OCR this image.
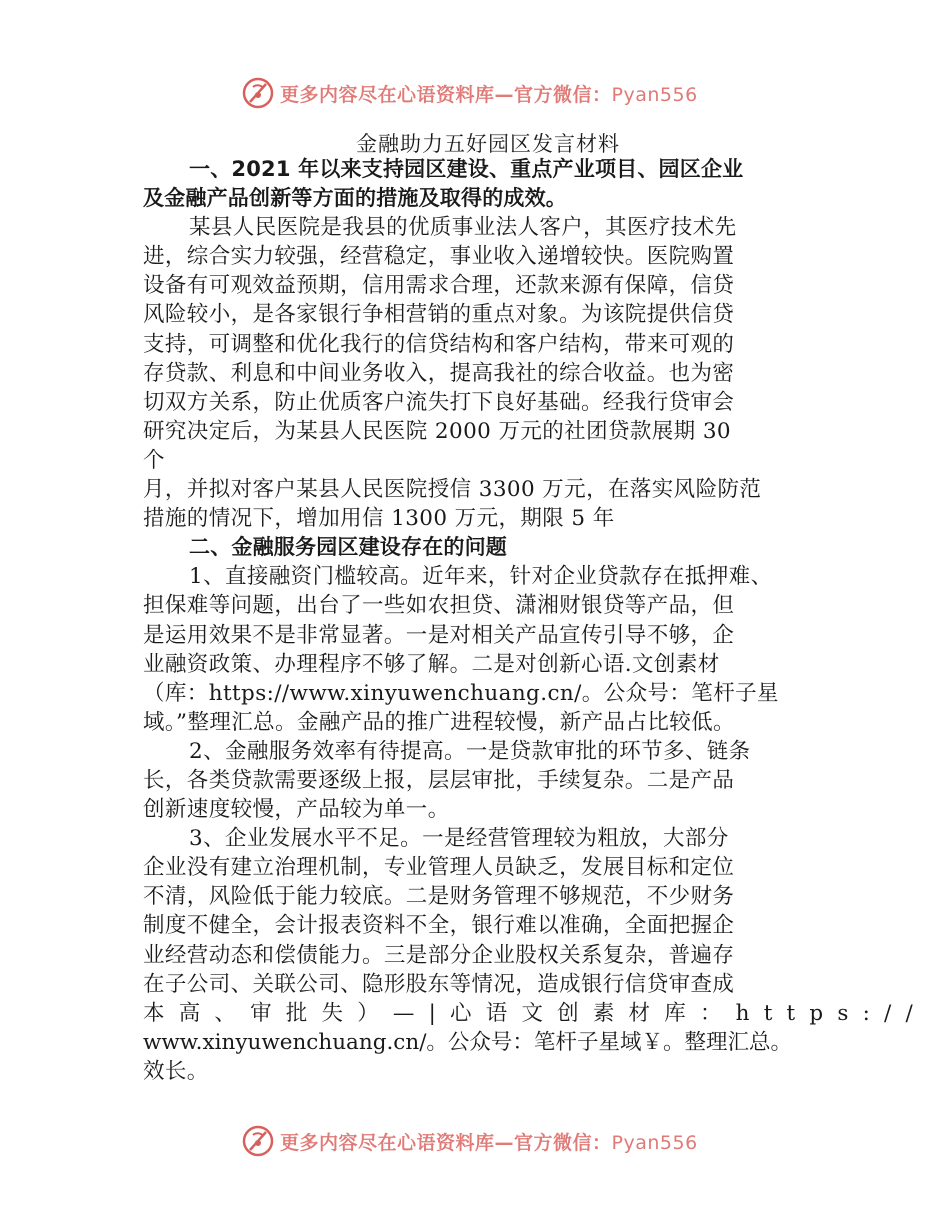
更多内容尽在心语资料库—官方微信：Pyan556
金融助力五好园区发言材料
一、2021 年以来支持园区建设、重点产业项目、园区企业
及金融产品创新等方面的措施及取得的成效。
某县人民医院是我县的优质事业法人客户，其医疗技术先
进，综合实力较强，经营稳定，事业收入递增较快。医院购置
设备有可观效益预期，信用需求合理，还款来源有保障，信贷
风险较小，是各家银行争相营销的重点对象。为该院提供信贷
支持，可调整和优化我行的信贷结构和客户结构，带来可观的
存贷款、利息和中间业务收入，提高我社的综合收益。也为密
切双方关系，防止优质客户流失打下良好基础。经我行贷审会
研究决定后，为某县人民医院 2000 万元的社团贷款展期 30
个
月，并拟对客户某县人民医院授信 3300 万元，在落实风险防范
措施的情况下，增加用信 1300 万元，期限 5 年
二、金融服务园区建设存在的问题
1、直接融资门槛较高。近年来，针对企业贷款存在抵押难、
担保难等问题，出台了一些如农担贷、潇湘财银贷等产品，但
是运用效果不是非常显著。一是对相关产品宣传引导不够，企
业融资政策、办理程序不够了解。二是对创新心语.文创素材
（库：https://www.xinyuwenchuang.cn/。公众号：笔杆子星
域。”整理汇总。金融产品的推广进程较慢，新产品占比较低。
2、金融服务效率有待提高。一是贷款审批的环节多、链条
长，各类贷款需要逐级上报，层层审批，手续复杂。二是产品
创新速度较慢，产品较为单一。
3、企业发展水平不足。一是经营管理较为粗放，大部分
企业没有建立治理机制，专业管理人员缺乏，发展目标和定位
不清，风险低于能力较底。二是财务管理不够规范，不少财务
制度不健全，会计报表资料不全，银行难以准确，全面把握企
业经营动态和偿债能力。三是部分企业股权关系复杂，普遍存
在子公司、关联公司、隐形股东等情况，造成银行信贷审查成
本高、审批失）—|心语文创素材库：https://
www.xinyuwenchuang.cn/。公众号：笔杆子星域￥。整理汇总。
效长。
更多内容尽在心语资料库—官方微信：Pyan556
